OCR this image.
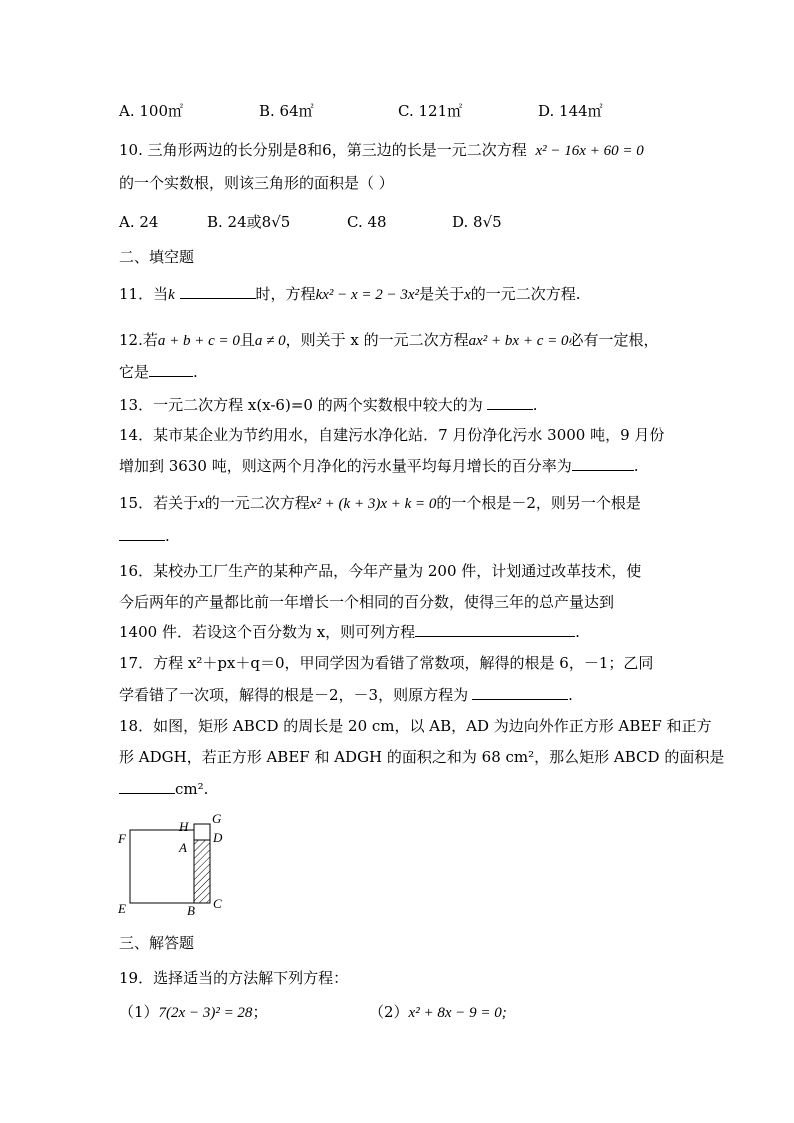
A. 100㎡	B. 64㎡	C. 121㎡	D. 144㎡
10. 三角形两边的长分别是8和6，第三边的长是一元二次方程 x² − 16x + 60 = 0
的一个实数根，则该三角形的面积是（ ）
A. 24	B. 24或8√5	C. 48	D. 8√5
二、填空题
11．当k	时，方程kx² − x = 2 − 3x²是关于x的一元二次方程.
12.若a + b + c = 0且a ≠ 0，则关于 x 的一元二次方程ax² + bx + c = 0必有一定根，
它是	.
13．一元二次方程 x(x-6)=0 的两个实数根中较大的为	.
14．某市某企业为节约用水，自建污水净化站．7 月份净化污水 3000 吨，9 月份
增加到 3630 吨，则这两个月净化的污水量平均每月增长的百分率为	.
15．若关于x的一元二次方程x² + (k + 3)x + k = 0的一个根是－2，则另一个根是
.
16．某校办工厂生产的某种产品，今年产量为 200 件，计划通过改革技术，使
今后两年的产量都比前一年增长一个相同的百分数，使得三年的总产量达到
1400 件．若设这个百分数为 x，则可列方程	.
17．方程 x²＋px＋q＝0，甲同学因为看错了常数项，解得的根是 6，－1；乙同
学看错了一次项，解得的根是－2，－3，则原方程为	.
18．如图，矩形 ABCD 的周长是 20 cm，以 AB，AD 为边向外作正方形 ABEF 和正方
形 ADGH，若正方形 ABEF 和 ADGH 的面积之和为 68 cm²，那么矩形 ABCD 的面积是
cm².
F
H
G
D
A
E	B C
三、解答题
19．选择适当的方法解下列方程：
（1）7(2x − 3)² = 28；	（2）x² + 8x − 9 = 0;
